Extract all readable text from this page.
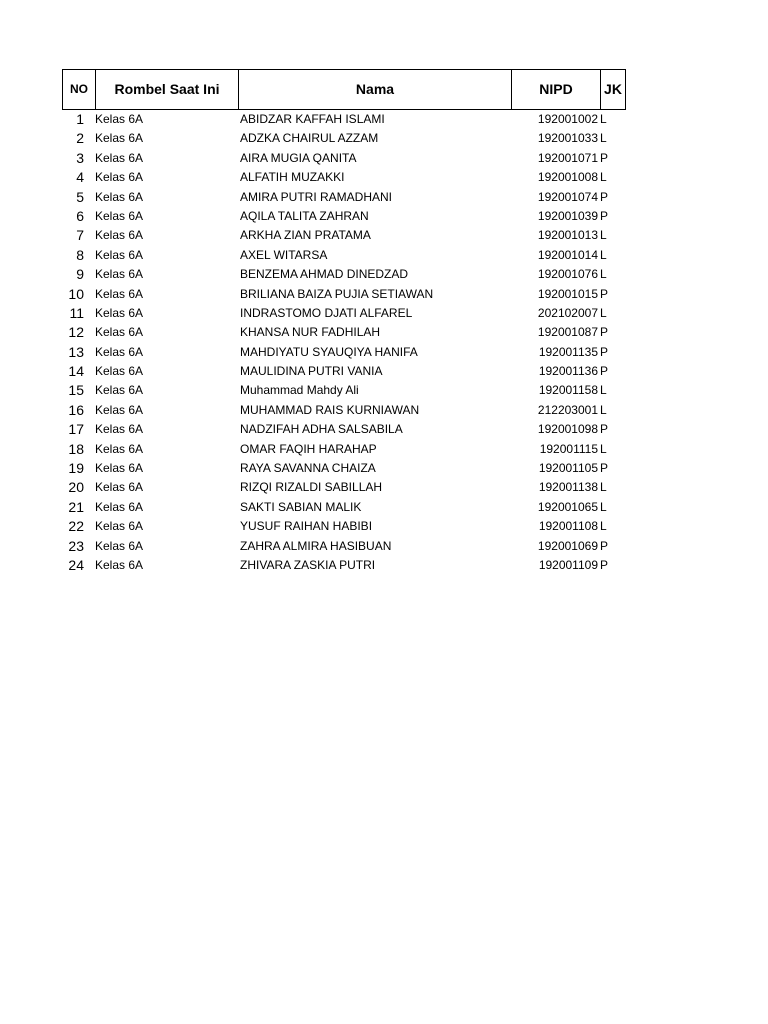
NO	Rombel Saat Ini	Nama	NIPD	JK
1 Kelas 6A	ABIDZAR KAFFAH ISLAMI	192001002 L
2 Kelas 6A	ADZKA CHAIRUL AZZAM	192001033 L
3 Kelas 6A	AIRA MUGIA QANITA	192001071 P
4 Kelas 6A	ALFATIH MUZAKKI	192001008 L
5 Kelas 6A	AMIRA PUTRI RAMADHANI	192001074 P
6 Kelas 6A	AQILA TALITA ZAHRAN	192001039 P
7 Kelas 6A	ARKHA ZIAN PRATAMA	192001013 L
8 Kelas 6A	AXEL WITARSA	192001014 L
9 Kelas 6A	BENZEMA AHMAD DINEDZAD	192001076 L
10 Kelas 6A	BRILIANA BAIZA PUJIA SETIAWAN	192001015 P
11 Kelas 6A	INDRASTOMO DJATI ALFAREL	202102007 L
12 Kelas 6A	KHANSA NUR FADHILAH	192001087 P
13 Kelas 6A	MAHDIYATU SYAUQIYA HANIFA	192001135 P
14 Kelas 6A	MAULIDINA PUTRI VANIA	192001136 P
15 Kelas 6A	Muhammad Mahdy Ali	192001158 L
16 Kelas 6A	MUHAMMAD RAIS KURNIAWAN	212203001 L
17 Kelas 6A	NADZIFAH ADHA SALSABILA	192001098 P
18 Kelas 6A	OMAR FAQIH HARAHAP	192001115 L
19 Kelas 6A	RAYA SAVANNA CHAIZA	192001105 P
20 Kelas 6A	RIZQI RIZALDI SABILLAH	192001138 L
21 Kelas 6A	SAKTI SABIAN MALIK	192001065 L
22 Kelas 6A	YUSUF RAIHAN HABIBI	192001108 L
23 Kelas 6A	ZAHRA ALMIRA HASIBUAN	192001069 P
24 Kelas 6A	ZHIVARA ZASKIA PUTRI	192001109 P
